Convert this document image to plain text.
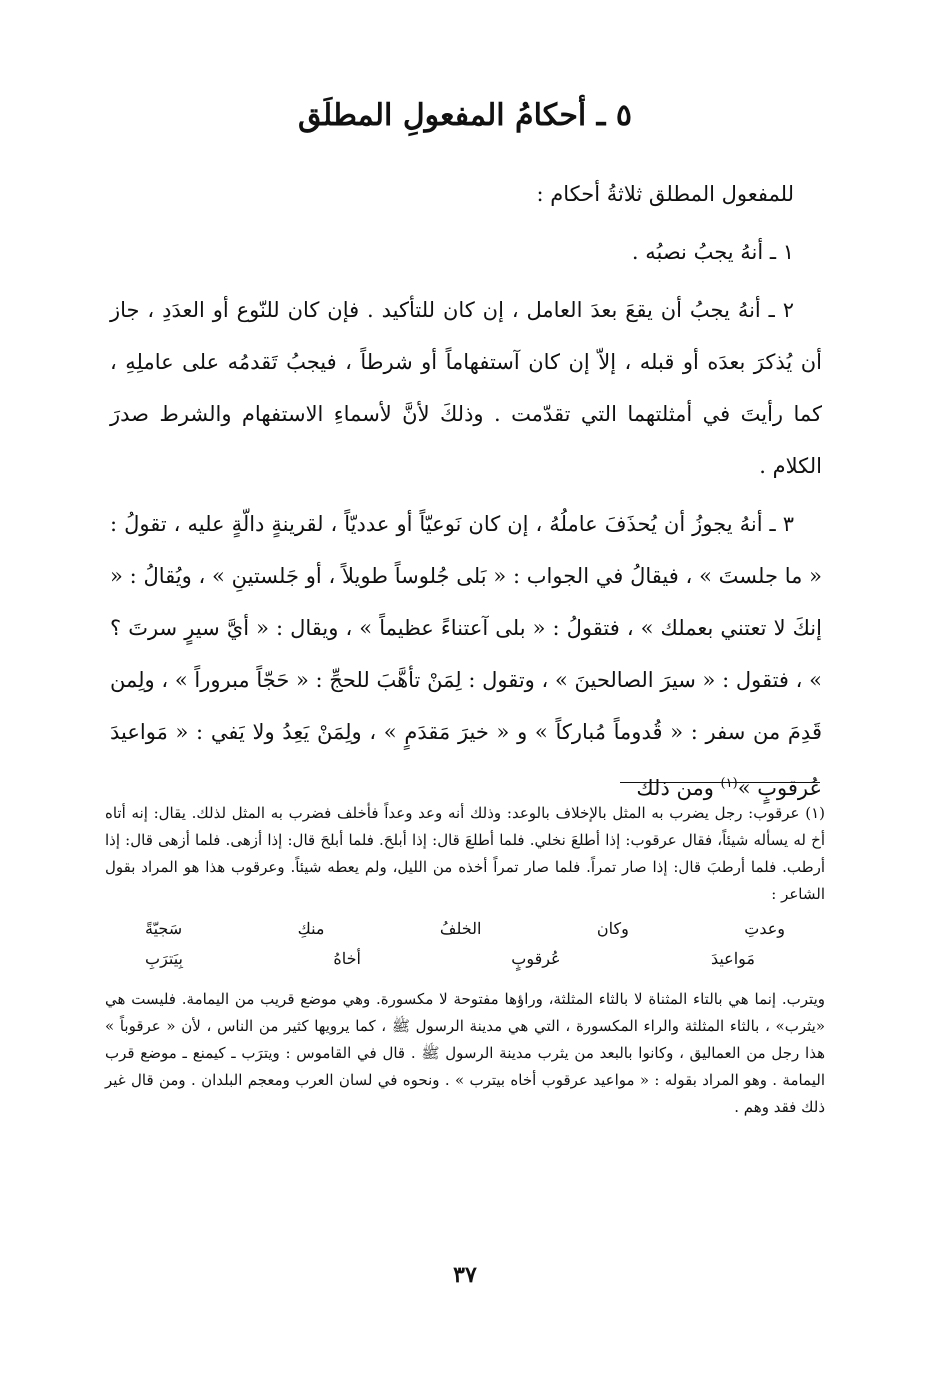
٥ ـ أحكامُ المفعولِ المطلَق

للمفعول المطلق ثلاثةُ أحكام :

١ ـ أنهُ يجبُ نصبُه .

٢ ـ أنهُ يجبُ أن يقعَ بعدَ العامل ، إن كان للتأكيد . فإن كان للنّوع أو العدَدِ ، جاز أن يُذكرَ بعدَه أو قبله ، إلاّ إن كان آستفهاماً أو شرطاً ، فيجبُ تَقدمُه على عاملِهِ ، كما رأيتَ في أمثلتهما التي تقدّمت . وذلكَ لأنَّ لأسماءِ الاستفهام والشرط صدرَ الكلام .

٣ ـ أنهُ يجوزُ أن يُحذَفَ عاملُهُ ، إن كان نَوعيّاً أو عدديّاً ، لقرينةٍ دالّةٍ عليه ، تقولُ : « ما جلستَ » ، فيقالُ في الجواب : « بَلى جُلوساً طويلاً ، أو جَلستينِ » ، ويُقالُ : « إنكَ لا تعتني بعملك » ، فتقولُ : « بلى آعتناءً عظيماً » ، ويقال : « أيَّ سيرٍ سرتَ ؟ » ، فتقول : « سيرَ الصالحينَ » ، وتقول : لِمَنْ تأهَّبَ للحجِّ : « حَجّاً مبروراً » ، ولِمن قَدِمَ من سفر : « قُدوماً مُباركاً » و « خيرَ مَقدَمٍ » ، ولِمَنْ يَعِدُ ولا يَفي : « مَواعيدَ عُرقوبٍ »$^{(١)}$ ومن ذلك

(١) عرقوب: رجل يضرب به المثل بالإخلاف بالوعد: وذلك أنه وعد وعداً فأخلف فضرب به المثل لذلك. يقال: إنه أتاه أخ له يسأله شيئاً، فقال عرقوب: إذا أطلعَ نخلي. فلما أطلعَ قال: إذا أبلحَ. فلما أبلحَ قال: إذا أزهى. فلما أزهى قال: إذا أرطب. فلما أرطبَ قال: إذا صار تمراً. فلما صار تمراً أخذه من الليل، ولم يعطه شيئاً. وعرقوب هذا هو المراد بقول الشاعر :

وعدتِ
وكان
الخلفُ
منكِ
سَجيّةً
مَواعيدَ
عُرقوبٍ
أخاهُ
بِيَترَبِ

ويترب. إنما هي بالتاء المثناة لا بالثاء المثلثة، وراؤها مفتوحة لا مكسورة. وهي موضع قريب من اليمامة. فليست هي «يثرب» ، بالثاء المثلثة والراء المكسورة ، التي هي مدينة الرسول ﷺ ، كما يرويها كثير من الناس ، لأن « عرقوباً » هذا رجل من العماليق ، وكانوا بالبعد من يثرب مدينة الرسول ﷺ . قال في القاموس : ويترَب ـ كيمنع ـ موضع قرب اليمامة . وهو المراد بقوله : « مواعيد عرقوب أخاه بيترب » . ونحوه في لسان العرب ومعجم البلدان . ومن قال غير ذلك فقد وهم .

٣٧
